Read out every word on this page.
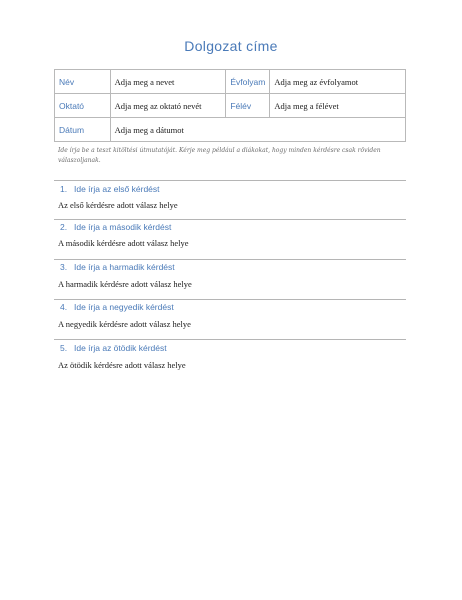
Dolgozat címe
Név	Adja meg a nevet	Évfolyam	Adja meg az évfolyamot
Oktató	Adja meg az oktató nevét	Félév	Adja meg a félévet
Dátum	Adja meg a dátumot		
Ide írja be a teszt kitöltési útmutatóját. Kérje meg például a diákokat, hogy minden kérdésre csak röviden válaszoljanak.
1. Ide írja az első kérdést
Az első kérdésre adott válasz helye
2. Ide írja a második kérdést
A második kérdésre adott válasz helye
3. Ide írja a harmadik kérdést
A harmadik kérdésre adott válasz helye
4. Ide írja a negyedik kérdést
A negyedik kérdésre adott válasz helye
5. Ide írja az ötödik kérdést
Az ötödik kérdésre adott válasz helye
